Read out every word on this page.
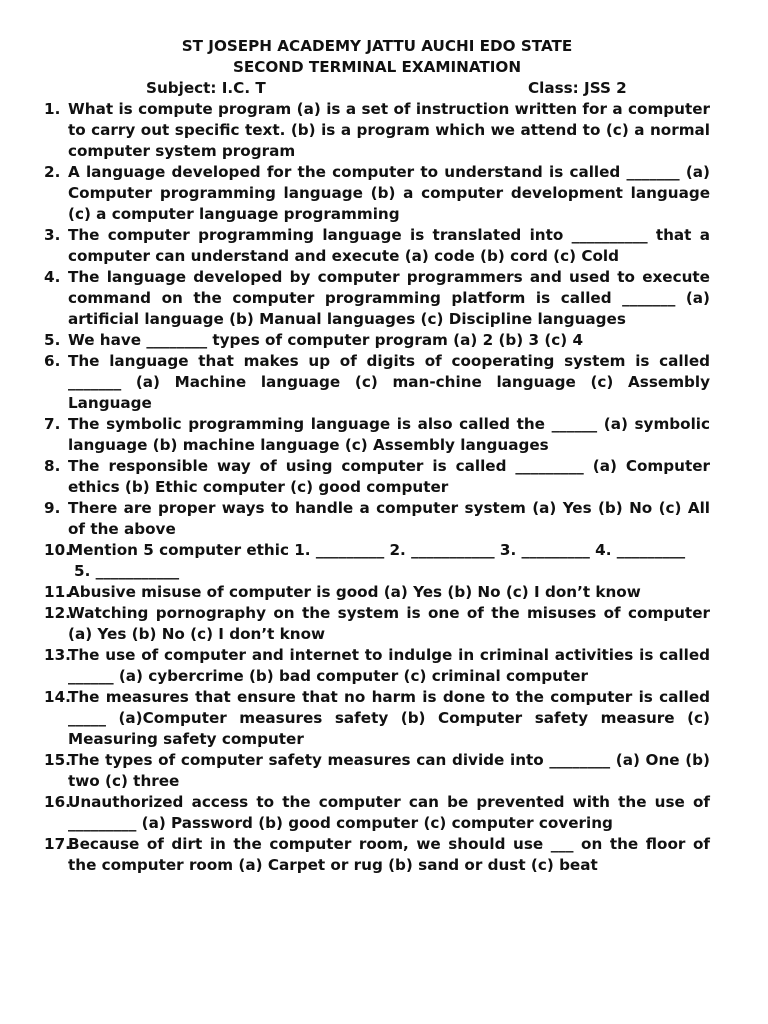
ST JOSEPH ACADEMY JATTU AUCHI EDO STATE

SECOND TERMINAL EXAMINATION

Subject: I.C. T	Class: JSS 2
1. What is compute program (a) is a set of instruction written for a computer to carry out specific text. (b) is a program which we attend to (c) a normal computer system program
2. A language developed for the computer to understand is called _______ (a) Computer programming language (b) a computer development language (c) a computer language programming
3. The computer programming language is translated into __________ that a computer can understand and execute (a) code (b) cord (c) Cold
4. The language developed by computer programmers and used to execute command on the computer programming platform is called _______ (a) artificial language (b) Manual languages (c) Discipline languages
5. We have ________ types of computer program (a) 2 (b) 3 (c) 4
6. The language that makes up of digits of cooperating system is called _______ (a) Machine language (c) man-chine language (c) Assembly Language
7. The symbolic programming language is also called the ______ (a) symbolic language (b) machine language (c) Assembly languages
8. The responsible way of using computer is called _________ (a) Computer ethics (b) Ethic computer (c) good computer
9. There are proper ways to handle a computer system (a) Yes (b) No (c) All of the above
10.
Mention 5 computer ethic 1. _________ 2. ___________ 3. _________ 4. _________
5. ___________
11.
Abusive misuse of computer is good (a) Yes (b) No (c) I don’t know
12.
Watching pornography on the system is one of the misuses of computer (a) Yes (b) No (c) I don’t know
13.
The use of computer and internet to indulge in criminal activities is called ______ (a) cybercrime (b) bad computer (c) criminal computer
14.
The measures that ensure that no harm is done to the computer is called _____ (a)Computer measures safety (b) Computer safety measure (c) Measuring safety computer
15.
The types of computer safety measures can divide into ________ (a) One (b) two (c) three
16.
Unauthorized access to the computer can be prevented with the use of _________ (a) Password (b) good computer (c) computer covering
17.
Because of dirt in the computer room, we should use ___ on the floor of the computer room (a) Carpet or rug (b) sand or dust (c) beat
